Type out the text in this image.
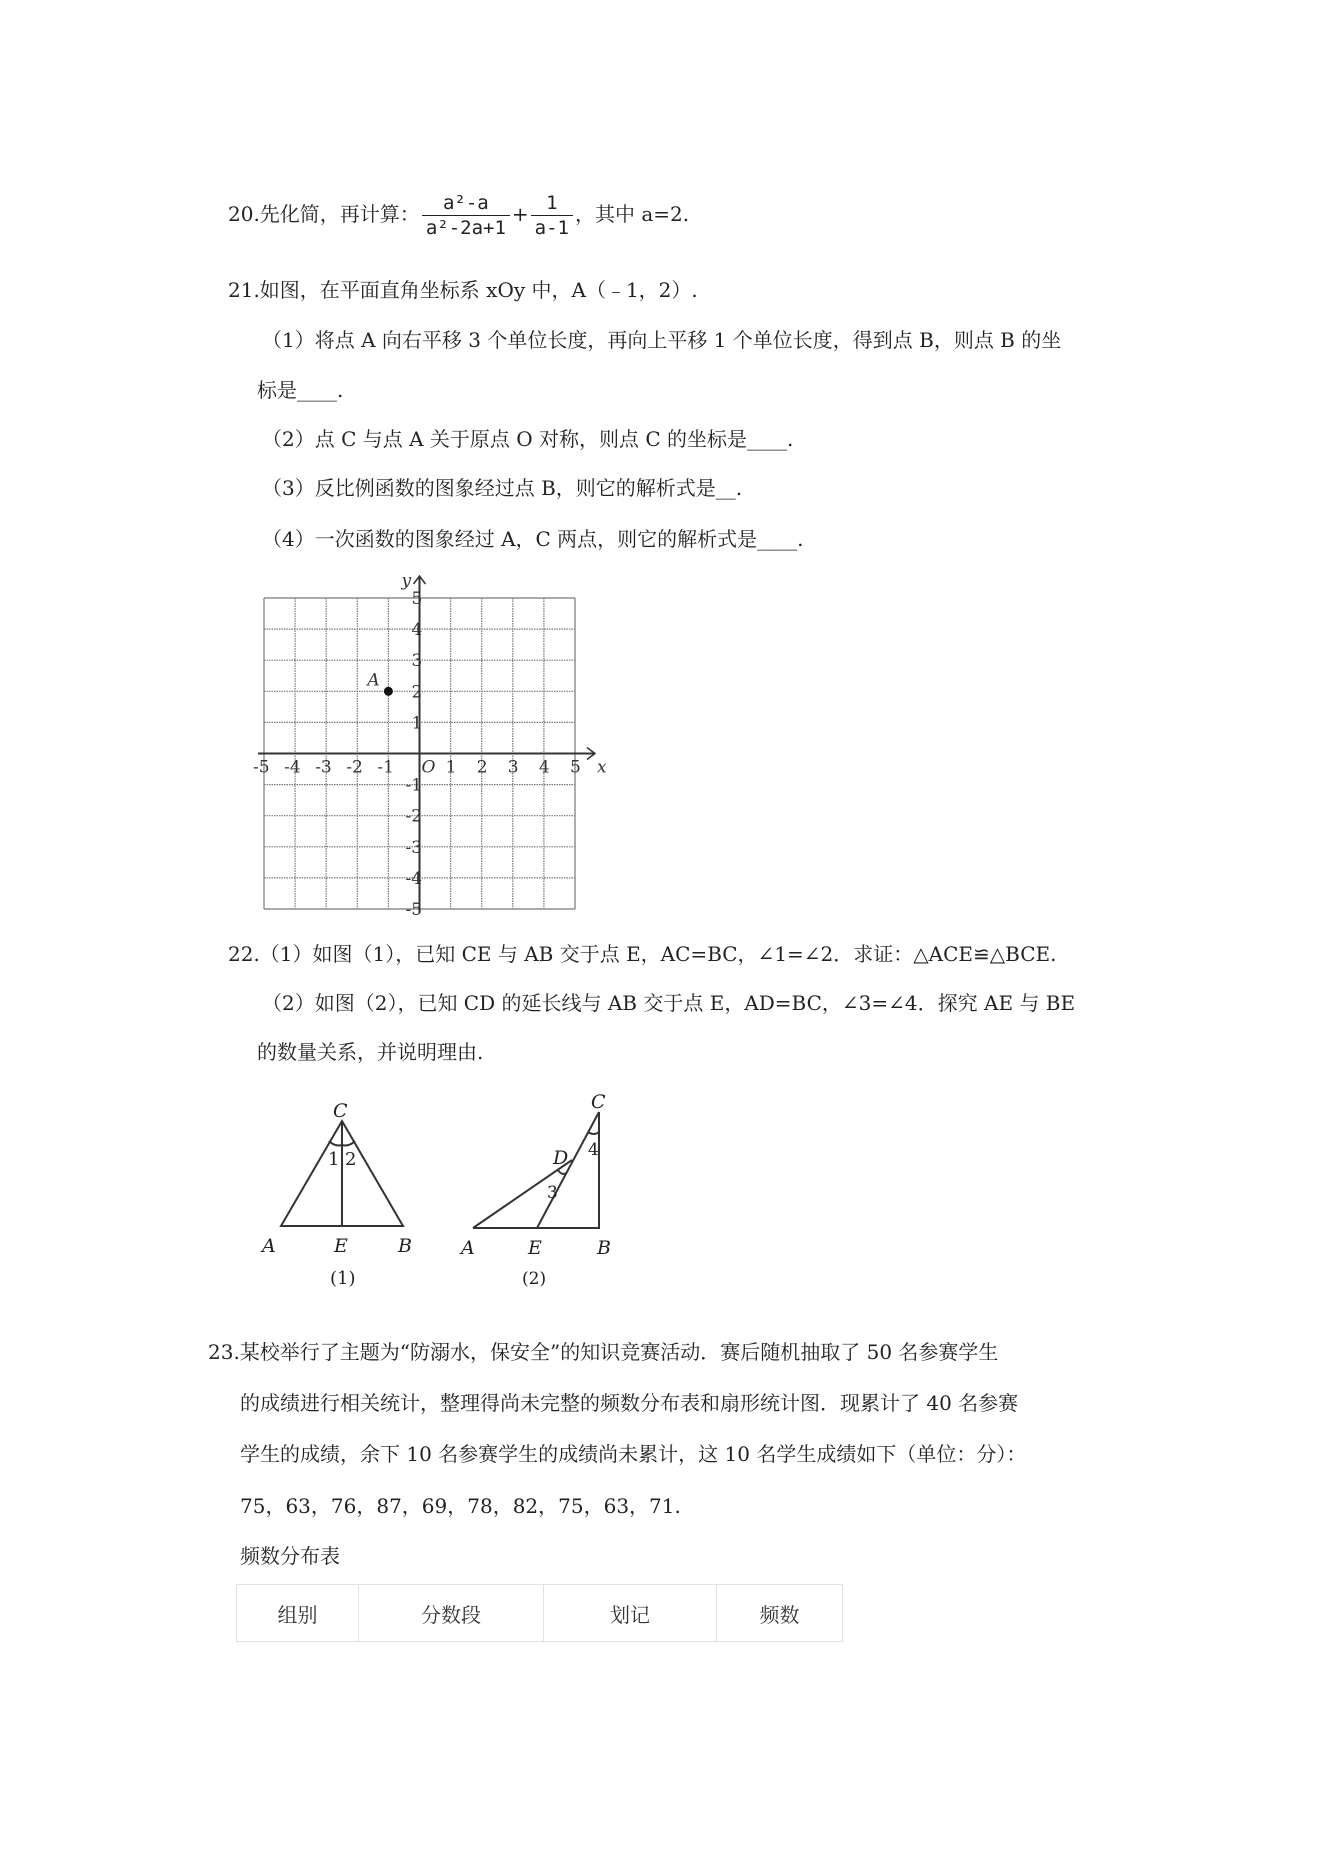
20.先化简，再计算： $\frac{\text{a²-a}}{\text{a²-2a+1}} + \frac{1}{a-1}$ ，其中 a=2.
21.如图，在平面直角坐标系 xOy 中，A（﹣1，2）.
（1）将点 A 向右平移 3 个单位长度，再向上平移 1 个单位长度，得到点 B，则点 B 的坐
标是____.
（2）点 C 与点 A 关于原点 O 对称，则点 C 的坐标是____.
（3）反比例函数的图象经过点 B，则它的解析式是__.
（4）一次函数的图象经过 A，C 两点，则它的解析式是____.
-5 -4 -3 -2 -1	1 2 3 4 5
-5
-4
-3
-2
-1
1
2
3
4
5
O	x
y
A
22.（1）如图（1），已知 CE 与 AB 交于点 E，AC=BC，∠1=∠2．求证：△ACE≌△BCE.
（2）如图（2），已知 CD 的延长线与 AB 交于点 E，AD=BC，∠3=∠4．探究 AE 与 BE
的数量关系，并说明理由.
C
A	E	B
1 2
(1)
C
D
A	E	B
3
4
(2)
23.某校举行了主题为“防溺水，保安全”的知识竞赛活动．赛后随机抽取了 50 名参赛学生
的成绩进行相关统计，整理得尚未完整的频数分布表和扇形统计图．现累计了 40 名参赛
学生的成绩，余下 10 名参赛学生的成绩尚未累计，这 10 名学生成绩如下（单位：分）：
75，63，76，87，69，78，82，75，63，71.
频数分布表
组别	分数段	划记	频数
